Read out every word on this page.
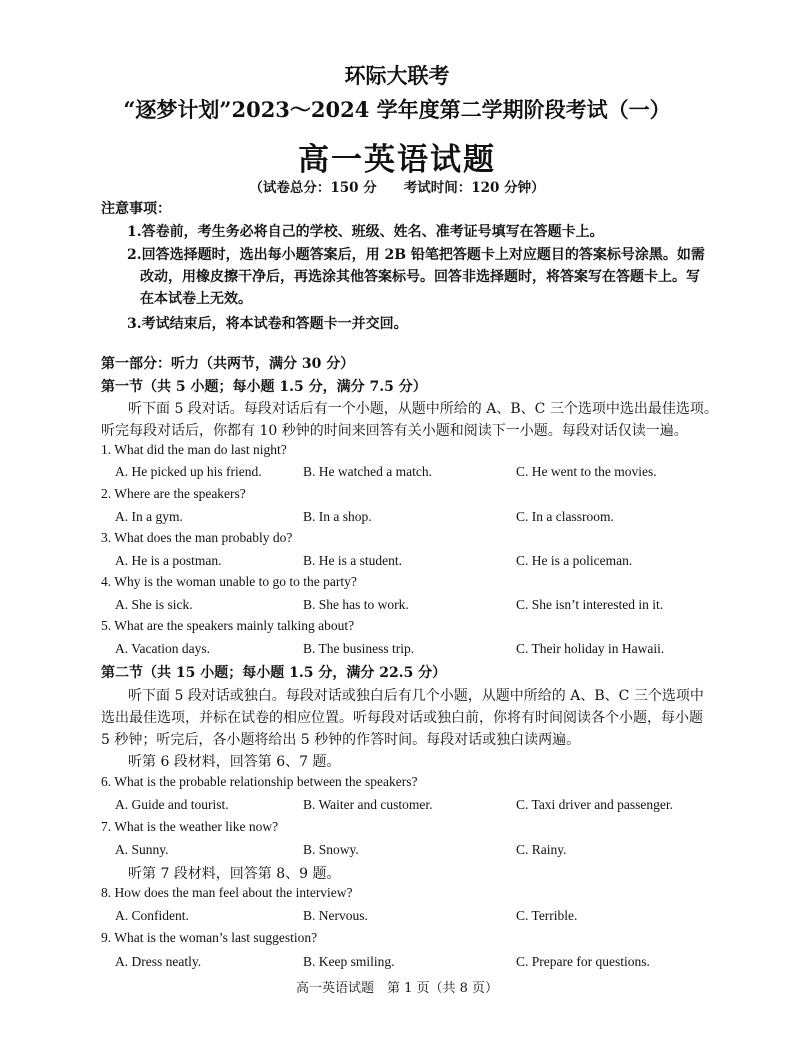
环际大联考
“逐梦计划”2023～2024 学年度第二学期阶段考试（一）
高一英语试题
（试卷总分：150 分　　考试时间：120 分钟）
注意事项：
1.答卷前，考生务必将自己的学校、班级、姓名、准考证号填写在答题卡上。
2.回答选择题时，选出每小题答案后，用 2B 铅笔把答题卡上对应题目的答案标号涂黑。如需
改动，用橡皮擦干净后，再选涂其他答案标号。回答非选择题时，将答案写在答题卡上。写
在本试卷上无效。
3.考试结束后，将本试卷和答题卡一并交回。
第一部分：听力（共两节，满分 30 分）
第一节（共 5 小题；每小题 1.5 分，满分 7.5 分）
听下面 5 段对话。每段对话后有一个小题，从题中所给的 A、B、C 三个选项中选出最佳选项。
听完每段对话后，你都有 10 秒钟的时间来回答有关小题和阅读下一小题。每段对话仅读一遍。
1. What did the man do last night?
A. He picked up his friend.	B. He watched a match.	C. He went to the movies.
2. Where are the speakers?
A. In a gym.	B. In a shop.	C. In a classroom.
3. What does the man probably do?
A. He is a postman.	B. He is a student.	C. He is a policeman.
4. Why is the woman unable to go to the party?
A. She is sick.	B. She has to work.	C. She isn’t interested in it.
5. What are the speakers mainly talking about?
A. Vacation days.	B. The business trip.	C. Their holiday in Hawaii.
第二节（共 15 小题；每小题 1.5 分，满分 22.5 分）
听下面 5 段对话或独白。每段对话或独白后有几个小题，从题中所给的 A、B、C 三个选项中
选出最佳选项，并标在试卷的相应位置。听每段对话或独白前，你将有时间阅读各个小题，每小题
5 秒钟；听完后，各小题将给出 5 秒钟的作答时间。每段对话或独白读两遍。
听第 6 段材料，回答第 6、7 题。
6. What is the probable relationship between the speakers?
A. Guide and tourist.	B. Waiter and customer.	C. Taxi driver and passenger.
7. What is the weather like now?
A. Sunny.	B. Snowy.	C. Rainy.
听第 7 段材料，回答第 8、9 题。
8. How does the man feel about the interview?
A. Confident.	B. Nervous.	C. Terrible.
9. What is the woman’s last suggestion?
A. Dress neatly.	B. Keep smiling.	C. Prepare for questions.
高一英语试题　第 1 页（共 8 页）
